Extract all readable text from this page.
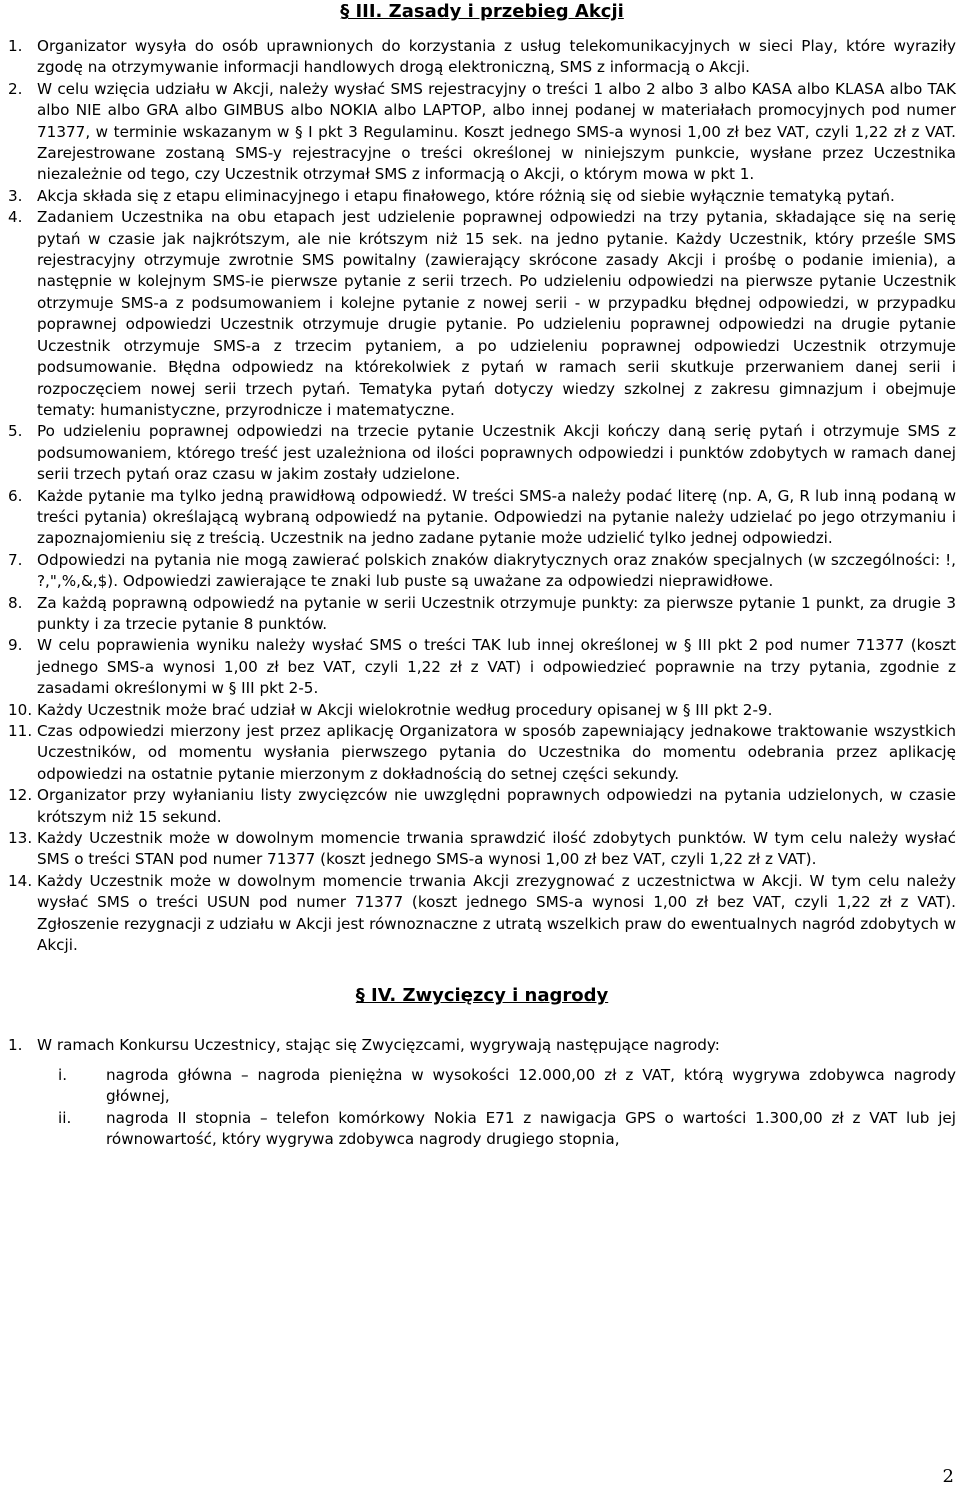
§ III. Zasady i przebieg Akcji
1. Organizator wysyła do osób uprawnionych do korzystania z usług telekomunikacyjnych w sieci Play, które wyraziły zgodę na otrzymywanie informacji handlowych drogą elektroniczną, SMS z informacją o Akcji.
2. W celu wzięcia udziału w Akcji, należy wysłać SMS rejestracyjny o treści 1 albo 2 albo 3 albo KASA albo KLASA albo TAK albo NIE albo GRA albo GIMBUS albo NOKIA albo LAPTOP, albo innej podanej w materiałach promocyjnych pod numer 71377, w terminie wskazanym w § I pkt 3 Regulaminu. Koszt jednego SMS-a wynosi 1,00 zł bez VAT, czyli 1,22 zł z VAT. Zarejestrowane zostaną SMS-y rejestracyjne o treści określonej w niniejszym punkcie, wysłane przez Uczestnika niezależnie od tego, czy Uczestnik otrzymał SMS z informacją o Akcji, o którym mowa w pkt 1.
3. Akcja składa się z etapu eliminacyjnego i etapu finałowego, które różnią się od siebie wyłącznie tematyką pytań.
4. Zadaniem Uczestnika na obu etapach jest udzielenie poprawnej odpowiedzi na trzy pytania, składające się na serię pytań w czasie jak najkrótszym, ale nie krótszym niż 15 sek. na jedno pytanie. Każdy Uczestnik, który prześle SMS rejestracyjny otrzymuje zwrotnie SMS powitalny (zawierający skrócone zasady Akcji i prośbę o podanie imienia), a następnie w kolejnym SMS-ie pierwsze pytanie z serii trzech. Po udzieleniu odpowiedzi na pierwsze pytanie Uczestnik otrzymuje SMS-a z podsumowaniem i kolejne pytanie z nowej serii - w przypadku błędnej odpowiedzi, w przypadku poprawnej odpowiedzi Uczestnik otrzymuje drugie pytanie. Po udzieleniu poprawnej odpowiedzi na drugie pytanie Uczestnik otrzymuje SMS-a z trzecim pytaniem, a po udzieleniu poprawnej odpowiedzi Uczestnik otrzymuje podsumowanie. Błędna odpowiedz na którekolwiek z pytań w ramach serii skutkuje przerwaniem danej serii i rozpoczęciem nowej serii trzech pytań. Tematyka pytań dotyczy wiedzy szkolnej z zakresu gimnazjum i obejmuje tematy: humanistyczne, przyrodnicze i matematyczne.
5. Po udzieleniu poprawnej odpowiedzi na trzecie pytanie Uczestnik Akcji kończy daną serię pytań i otrzymuje SMS z podsumowaniem, którego treść jest uzależniona od ilości poprawnych odpowiedzi i punktów zdobytych w ramach danej serii trzech pytań oraz czasu w jakim zostały udzielone.
6. Każde pytanie ma tylko jedną prawidłową odpowiedź. W treści SMS-a należy podać literę (np. A, G, R lub inną podaną w treści pytania) określającą wybraną odpowiedź na pytanie. Odpowiedzi na pytanie należy udzielać po jego otrzymaniu i zapoznajomieniu się z treścią. Uczestnik na jedno zadane pytanie może udzielić tylko jednej odpowiedzi.
7. Odpowiedzi na pytania nie mogą zawierać polskich znaków diakrytycznych oraz znaków specjalnych (w szczególności: !, ?,",%,&,$). Odpowiedzi zawierające te znaki lub puste są uważane za odpowiedzi nieprawidłowe.
8. Za każdą poprawną odpowiedź na pytanie w serii Uczestnik otrzymuje punkty: za pierwsze pytanie 1 punkt, za drugie 3 punkty i za trzecie pytanie 8 punktów.
9. W celu poprawienia wyniku należy wysłać SMS o treści TAK lub innej określonej w § III pkt 2 pod numer 71377 (koszt jednego SMS-a wynosi 1,00 zł bez VAT, czyli 1,22 zł z VAT) i odpowiedzieć poprawnie na trzy pytania, zgodnie z zasadami określonymi w § III pkt 2-5.
10. Każdy Uczestnik może brać udział w Akcji wielokrotnie według procedury opisanej w § III pkt 2-9.
11. Czas odpowiedzi mierzony jest przez aplikację Organizatora w sposób zapewniający jednakowe traktowanie wszystkich Uczestników, od momentu wysłania pierwszego pytania do Uczestnika do momentu odebrania przez aplikację odpowiedzi na ostatnie pytanie mierzonym z dokładnością do setnej części sekundy.
12. Organizator przy wyłanianiu listy zwycięzców nie uwzględni poprawnych odpowiedzi na pytania udzielonych, w czasie krótszym niż 15 sekund.
13. Każdy Uczestnik może w dowolnym momencie trwania sprawdzić ilość zdobytych punktów. W tym celu należy wysłać SMS o treści STAN pod numer 71377 (koszt jednego SMS-a wynosi 1,00 zł bez VAT, czyli 1,22 zł z VAT).
14. Każdy Uczestnik może w dowolnym momencie trwania Akcji zrezygnować z uczestnictwa w Akcji. W tym celu należy wysłać SMS o treści USUN pod numer 71377 (koszt jednego SMS-a wynosi 1,00 zł bez VAT, czyli 1,22 zł z VAT). Zgłoszenie rezygnacji z udziału w Akcji jest równoznaczne z utratą wszelkich praw do ewentualnych nagród zdobytych w Akcji.
§ IV. Zwycięzcy i nagrody
1. W ramach Konkursu Uczestnicy, stając się Zwycięzcami, wygrywają następujące nagrody:
i.	nagroda główna – nagroda pieniężna w wysokości 12.000,00 zł z VAT, którą wygrywa zdobywca nagrody głównej,
ii. nagroda II stopnia – telefon komórkowy Nokia E71 z nawigacja GPS o wartości 1.300,00 zł z VAT lub jej równowartość, który wygrywa zdobywca nagrody drugiego stopnia,
2
